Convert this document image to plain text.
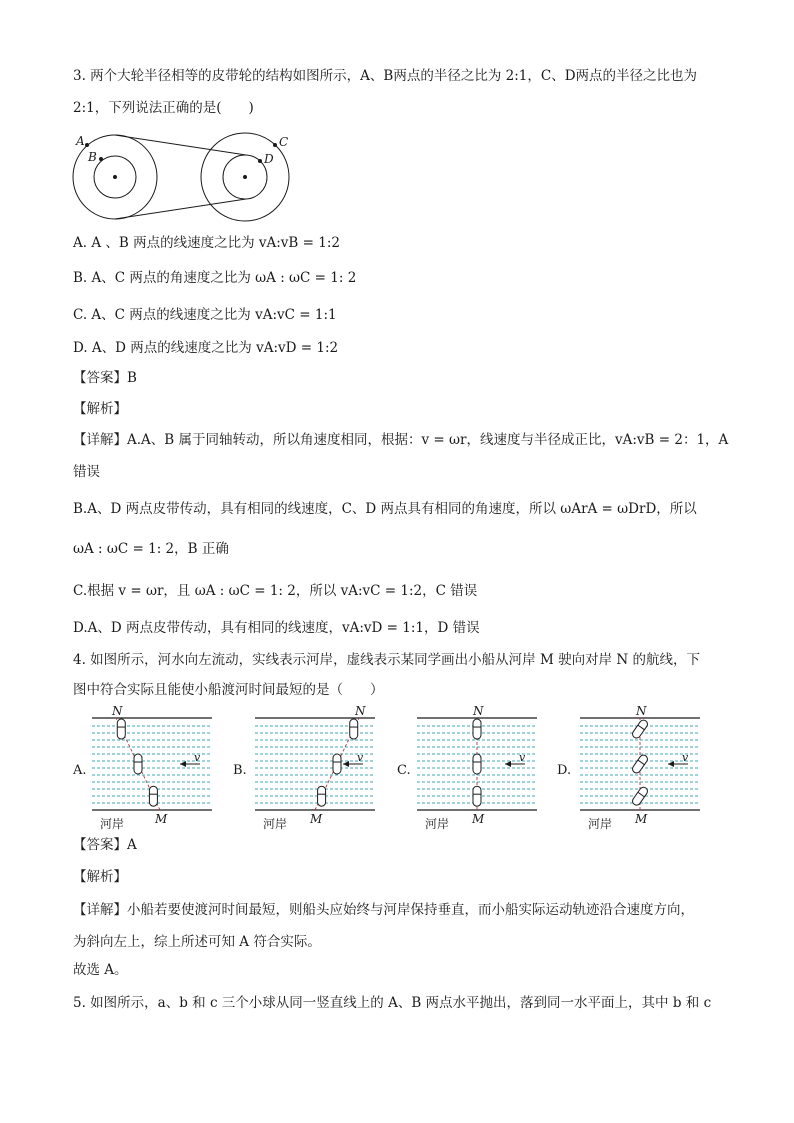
3. 两个大轮半径相等的皮带轮的结构如图所示，A、B两点的半径之比为 2:1，C、D两点的半径之比也为
2:1，下列说法正确的是(　　)
A
B
C
D
A. A 、B 两点的线速度之比为 vA:vB = 1:2
B. A、C 两点的角速度之比为 ωA : ωC = 1: 2
C. A、C 两点的线速度之比为 vA:vC = 1:1
D. A、D 两点的线速度之比为 vA:vD = 1:2
【答案】B
【解析】
【详解】A.A、B 属于同轴转动，所以角速度相同，根据：v = ωr，线速度与半径成正比，vA:vB = 2：1，A
错误
B.A、D 两点皮带传动，具有相同的线速度，C、D 两点具有相同的角速度，所以 ωArA = ωDrD，所以
ωA : ωC = 1: 2，B 正确
C.根据 v = ωr，且 ωA : ωC = 1: 2，所以 vA:vC = 1:2，C 错误
D.A、D 两点皮带传动，具有相同的线速度，vA:vD = 1:1，D 错误
4. 如图所示，河水向左流动，实线表示河岸，虚线表示某同学画出小船从河岸 M 驶向对岸 N 的航线，下
图中符合实际且能使小船渡河时间最短的是（　　）
A.
v
N
M
河岸
B.
v
N
M
河岸
C.
v
N
M
河岸
D.
v
N
M
河岸
【答案】A
【解析】
【详解】小船若要使渡河时间最短，则船头应始终与河岸保持垂直，而小船实际运动轨迹沿合速度方向，
为斜向左上，综上所述可知 A 符合实际。
故选 A。
5. 如图所示，a、b 和 c 三个小球从同一竖直线上的 A、B 两点水平抛出，落到同一水平面上，其中 b 和 c
